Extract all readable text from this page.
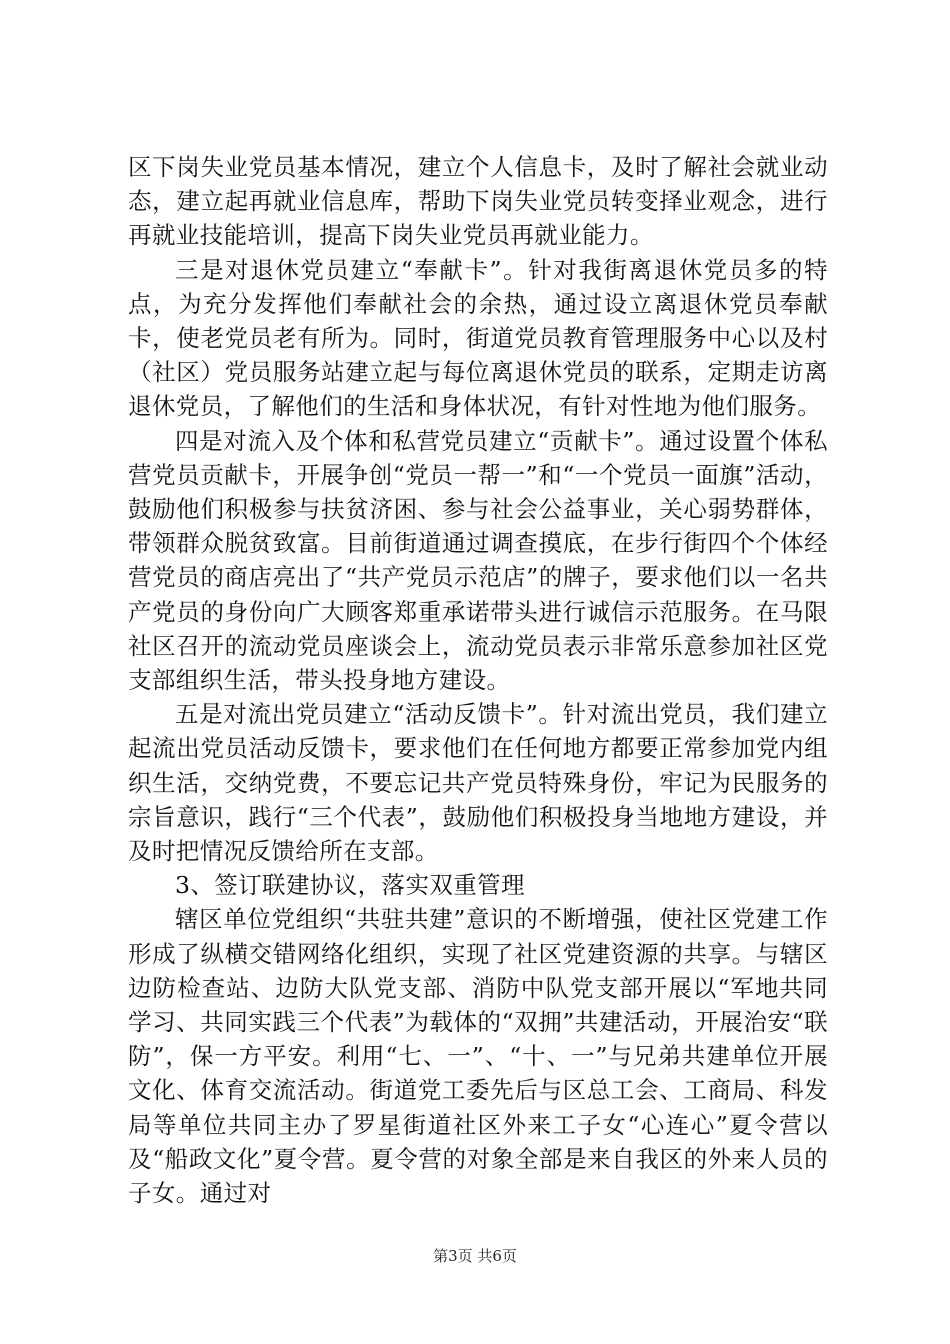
区下岗失业党员基本情况，建立个人信息卡，及时了解社会就业动态，建立起再就业信息库，帮助下岗失业党员转变择业观念，进行再就业技能培训，提高下岗失业党员再就业能力。

三是对退休党员建立“奉献卡”。针对我街离退休党员多的特点，为充分发挥他们奉献社会的余热，通过设立离退休党员奉献卡，使老党员老有所为。同时，街道党员教育管理服务中心以及村（社区）党员服务站建立起与每位离退休党员的联系，定期走访离退休党员，了解他们的生活和身体状况，有针对性地为他们服务。

四是对流入及个体和私营党员建立“贡献卡”。通过设置个体私营党员贡献卡，开展争创“党员一帮一”和“一个党员一面旗”活动，鼓励他们积极参与扶贫济困、参与社会公益事业，关心弱势群体，带领群众脱贫致富。目前街道通过调查摸底，在步行街四个个体经营党员的商店亮出了“共产党员示范店”的牌子，要求他们以一名共产党员的身份向广大顾客郑重承诺带头进行诚信示范服务。在马限社区召开的流动党员座谈会上，流动党员表示非常乐意参加社区党支部组织生活，带头投身地方建设。

五是对流出党员建立“活动反馈卡”。针对流出党员，我们建立起流出党员活动反馈卡，要求他们在任何地方都要正常参加党内组织生活，交纳党费，不要忘记共产党员特殊身份，牢记为民服务的宗旨意识，践行“三个代表”，鼓励他们积极投身当地地方建设，并及时把情况反馈给所在支部。

3、签订联建协议，落实双重管理

辖区单位党组织“共驻共建”意识的不断增强，使社区党建工作形成了纵横交错网络化组织，实现了社区党建资源的共享。与辖区边防检查站、边防大队党支部、消防中队党支部开展以“军地共同学习、共同实践三个代表”为载体的“双拥”共建活动，开展治安“联防”，保一方平安。利用“七、一”、“十、一”与兄弟共建单位开展文化、体育交流活动。街道党工委先后与区总工会、工商局、科发局等单位共同主办了罗星街道社区外来工子女“心连心”夏令营以及“船政文化”夏令营。夏令营的对象全部是来自我区的外来人员的子女。通过对

第3页 共6页
